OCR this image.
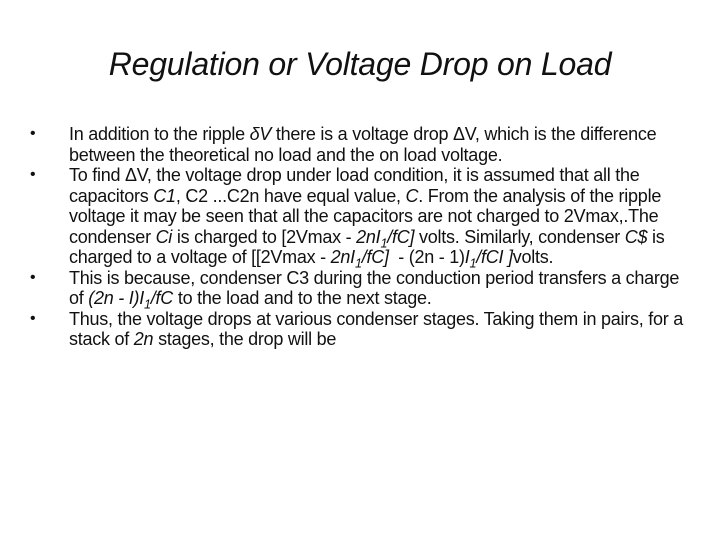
Regulation or Voltage Drop on Load
•	In addition to the ripple δV there is a voltage drop ΔV, which is the difference between the theoretical no load and the on load voltage.
•	To find ΔV, the voltage drop under load condition, it is assumed that all the capacitors C1, C2 ...C2n have equal value, C. From the analysis of the ripple voltage it may be seen that all the capacitors are not charged to 2Vmax,.The condenser Ci is charged to $[2Vmax - 2nI_1/fC]$ volts. Similarly, condenser C$ is charged to a voltage of [$[2Vmax - 2nI_1/fC] - (2n - 1)I_1/fCI$ ]volts.
•	This is because, condenser C3 during the conduction period transfers a charge of $(2n - I)I_1/fC$ to the load and to the next stage.
•	Thus, the voltage drops at various condenser stages. Taking them in pairs, for a stack of 2n stages, the drop will be
